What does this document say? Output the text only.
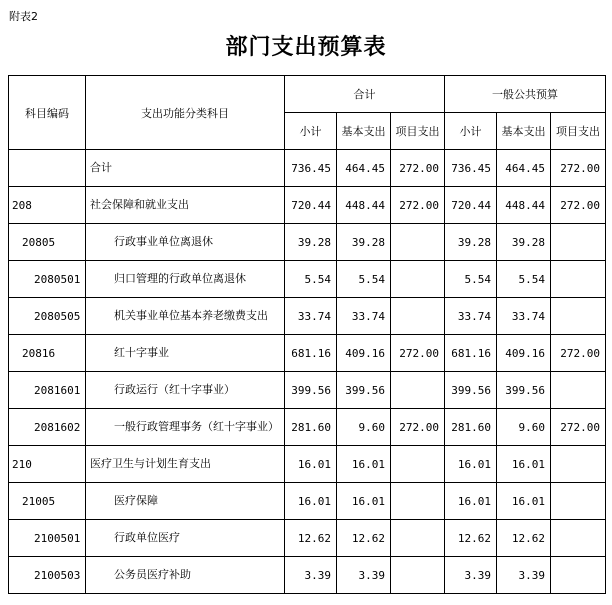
附表2
部门支出预算表
科目编码	支出功能分类科目	合计			一般公共预算		
		小计	基本支出	项目支出	小计	基本支出	项目支出
	合计	736.45	464.45	272.00	736.45	464.45	272.00
208	社会保障和就业支出	720.44	448.44	272.00	720.44	448.44	272.00
20805	行政事业单位离退休	39.28	39.28		39.28	39.28	
2080501	归口管理的行政单位离退休	5.54	5.54		5.54	5.54	
2080505	机关事业单位基本养老缴费支出	33.74	33.74		33.74	33.74	
20816	红十字事业	681.16	409.16	272.00	681.16	409.16	272.00
2081601	行政运行（红十字事业）	399.56	399.56		399.56	399.56	
2081602	一般行政管理事务（红十字事业）	281.60	9.60	272.00	281.60	9.60	272.00
210	医疗卫生与计划生育支出	16.01	16.01		16.01	16.01	
21005	医疗保障	16.01	16.01		16.01	16.01	
2100501	行政单位医疗	12.62	12.62		12.62	12.62	
2100503	公务员医疗补助	3.39	3.39		3.39	3.39	
